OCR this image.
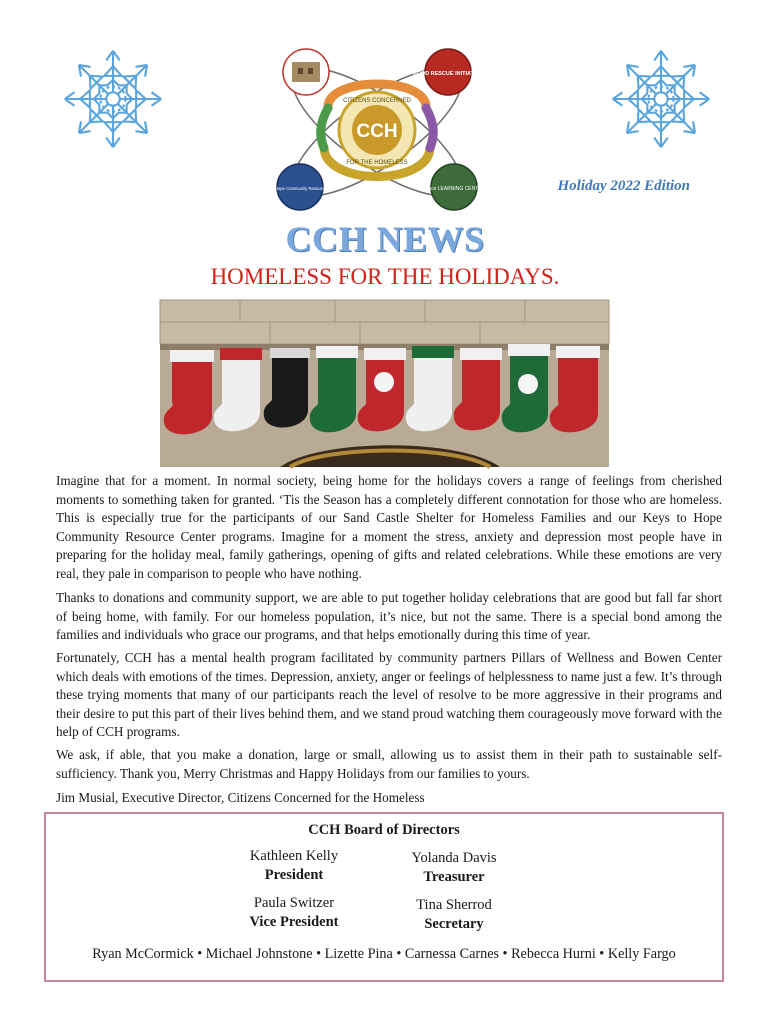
CCH
CITIZENS CONCERNED
FOR THE HOMELESS
FOOD RESCUE INITIATIVE
Keys to Hope Community Resource Center	Grace LEARNING CENTER	Holiday 2022 Edition
CCH NEWS
HOMELESS FOR THE HOLIDAYS.
Imagine that for a moment. In normal society, being home for the holidays covers a range of feelings from cherished moments to something taken for granted. ‘Tis the Season has a completely different connotation for those who are homeless. This is especially true for the participants of our Sand Castle Shelter for Homeless Families and our Keys to Hope Community Resource Center programs. Imagine for a moment the stress, anxiety and depression most people have in preparing for the holiday meal, family gatherings, opening of gifts and related celebrations. While these emotions are very real, they pale in comparison to people who have nothing.
Thanks to donations and community support, we are able to put together holiday celebrations that are good but fall far short of being home, with family. For our homeless population, it’s nice, but not the same. There is a special bond among the families and individuals who grace our programs, and that helps emotionally during this time of year.
Fortunately, CCH has a mental health program facilitated by community partners Pillars of Wellness and Bowen Center which deals with emotions of the times. Depression, anxiety, anger or feelings of helplessness to name just a few. It’s through these trying moments that many of our participants reach the level of resolve to be more aggressive in their programs and their desire to put this part of their lives behind them, and we stand proud watching them courageously move forward with the help of CCH programs.
We ask, if able, that you make a donation, large or small, allowing us to assist them in their path to sustainable self-sufficiency. Thank you, Merry Christmas and Happy Holidays from our families to yours.
Jim Musial, Executive Director, Citizens Concerned for the Homeless
CCH Board of Directors
Kathleen Kelly
President
Yolanda Davis
Treasurer
Paula Switzer
Vice President
Tina Sherrod
Secretary
Ryan McCormick • Michael Johnstone • Lizette Pina • Carnessa Carnes • Rebecca Hurni • Kelly Fargo
